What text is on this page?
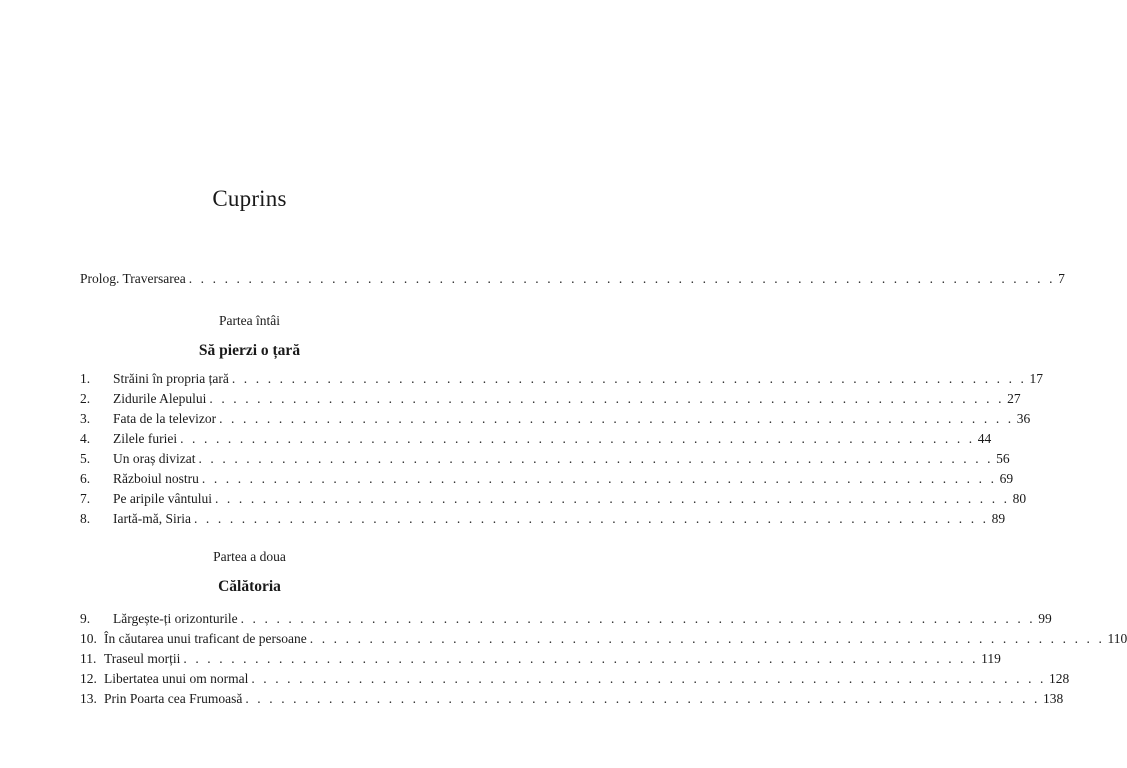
Cuprins
Prolog. Traversarea . . . . . . . . . . . . . . . . . . . . . . . . . . . . . . . . . . . . . . . . . . . . . . . . . . . . . . . . . . . . . . . . . . . . . . . . . 7
Partea întâi
Să pierzi o țară
1. Străini în propria țară . . . . . . . . . . . . . . . . . . . . . . . . . . . . . . . . . . . . . . . . . . . . . . . . . . . . . . . . . . . . . . . . . . . 17
2. Zidurile Alepului . . . . . . . . . . . . . . . . . . . . . . . . . . . . . . . . . . . . . . . . . . . . . . . . . . . . . . . . . . . . . . . . . . . 27
3. Fata de la televizor . . . . . . . . . . . . . . . . . . . . . . . . . . . . . . . . . . . . . . . . . . . . . . . . . . . . . . . . . . . . . . . . . . . 36
4. Zilele furiei . . . . . . . . . . . . . . . . . . . . . . . . . . . . . . . . . . . . . . . . . . . . . . . . . . . . . . . . . . . . . . . . . . . 44
5. Un oraș divizat . . . . . . . . . . . . . . . . . . . . . . . . . . . . . . . . . . . . . . . . . . . . . . . . . . . . . . . . . . . . . . . . . . . 56
6. Războiul nostru . . . . . . . . . . . . . . . . . . . . . . . . . . . . . . . . . . . . . . . . . . . . . . . . . . . . . . . . . . . . . . . . . . . 69
7. Pe aripile vântului . . . . . . . . . . . . . . . . . . . . . . . . . . . . . . . . . . . . . . . . . . . . . . . . . . . . . . . . . . . . . . . . . . . 80
8. Iartă-mă, Siria . . . . . . . . . . . . . . . . . . . . . . . . . . . . . . . . . . . . . . . . . . . . . . . . . . . . . . . . . . . . . . . . . . . 89
Partea a doua
Călătoria
9. Lărgește-ți orizonturile . . . . . . . . . . . . . . . . . . . . . . . . . . . . . . . . . . . . . . . . . . . . . . . . . . . . . . . . . . . . . . . . . . . 99
10. În căutarea unui traficant de persoane . . . . . . . . . . . . . . . . . . . . . . . . . . . . . . . . . . . . . . . . . . . . . . . . . . . . . . . . . . . . . . . . . . . 110
11. Traseul morții . . . . . . . . . . . . . . . . . . . . . . . . . . . . . . . . . . . . . . . . . . . . . . . . . . . . . . . . . . . . . . . . . . . 119
12. Libertatea unui om normal . . . . . . . . . . . . . . . . . . . . . . . . . . . . . . . . . . . . . . . . . . . . . . . . . . . . . . . . . . . . . . . . . . . 128
13. Prin Poarta cea Frumoasă . . . . . . . . . . . . . . . . . . . . . . . . . . . . . . . . . . . . . . . . . . . . . . . . . . . . . . . . . . . . . . . . . . . 138
